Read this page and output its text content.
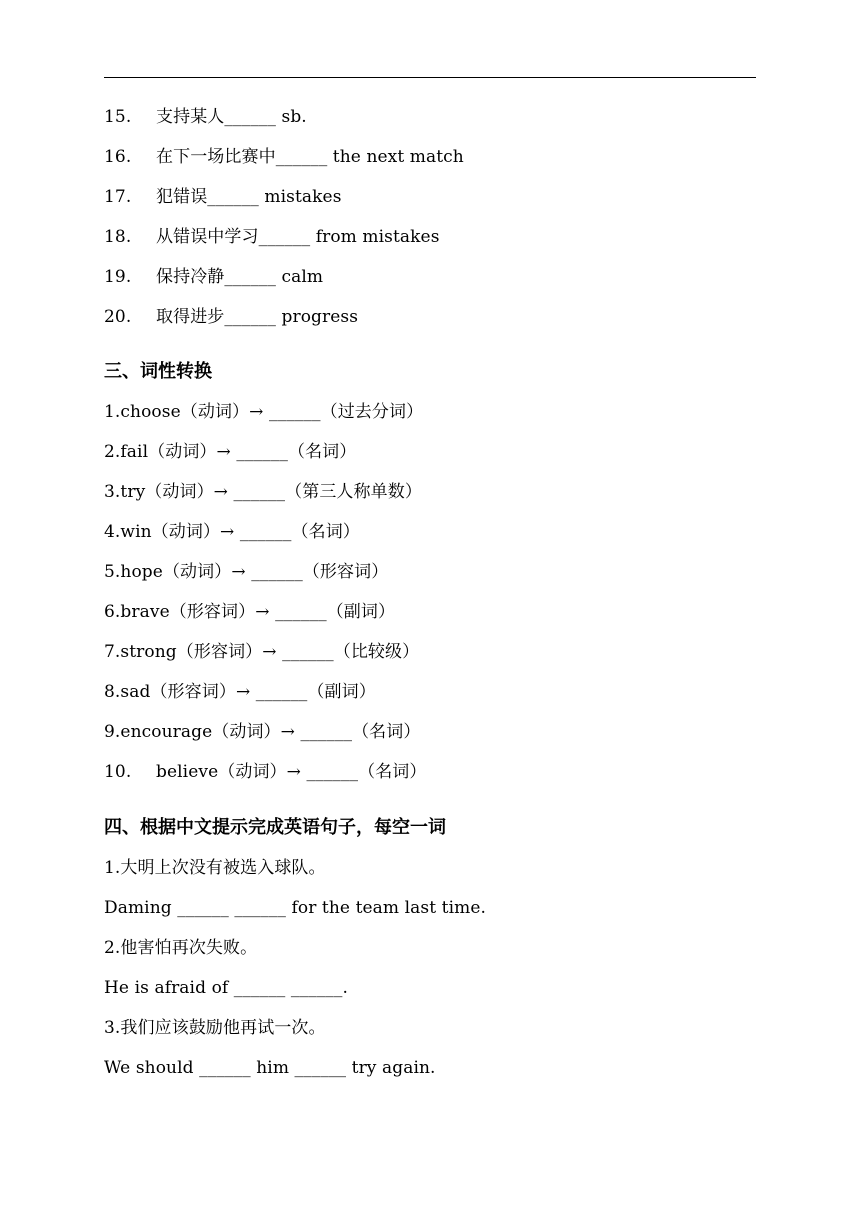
15. 支持某人______ sb.
16. 在下一场比赛中______ the next match
17. 犯错误______ mistakes
18. 从错误中学习______ from mistakes
19. 保持冷静______ calm
20. 取得进步______ progress
三、词性转换
1.choose（动词）→ ______（过去分词）
2.fail（动词）→ ______（名词）
3.try（动词）→ ______（第三人称单数）
4.win（动词）→ ______（名词）
5.hope（动词）→ ______（形容词）
6.brave（形容词）→ ______（副词）
7.strong（形容词）→ ______（比较级）
8.sad（形容词）→ ______（副词）
9.encourage（动词）→ ______（名词）
10. believe（动词）→ ______（名词）
四、根据中文提示完成英语句子，每空一词
1.大明上次没有被选入球队。
Daming ______ ______ for the team last time.
2.他害怕再次失败。
He is afraid of ______ ______.
3.我们应该鼓励他再试一次。
We should ______ him ______ try again.
